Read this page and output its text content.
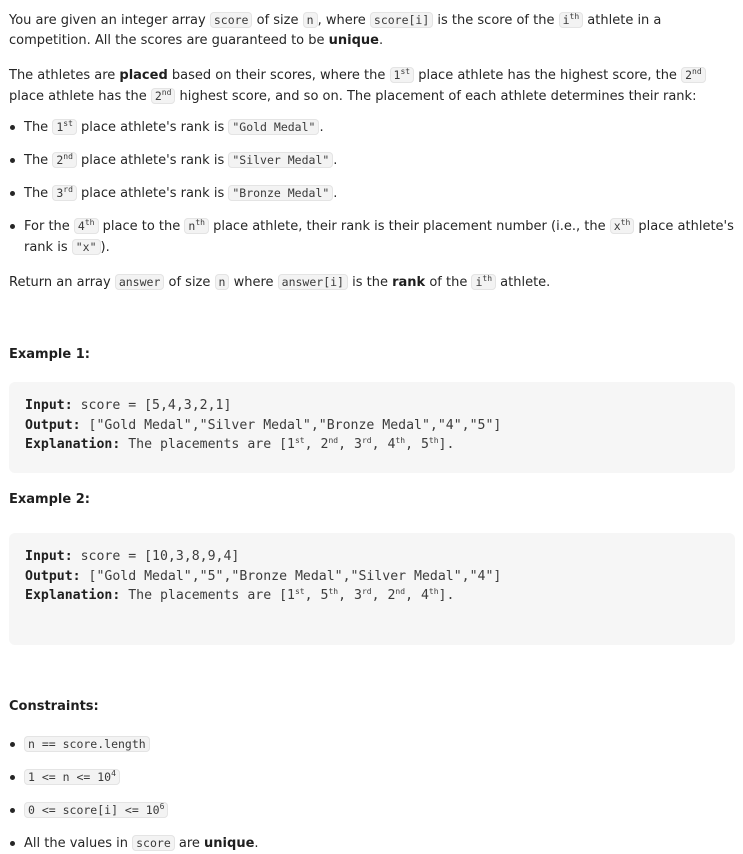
You are given an integer array score of size n , where score[i] is the score of the $i^{th}$ athlete in a competition. All the scores are guaranteed to be unique.

The athletes are placed based on their scores, where the 1st place athlete has the highest score, the 2nd place athlete has the 2nd highest score, and so on. The placement of each athlete determines their rank:

The 1st place athlete's rank is "Gold Medal" .
The 2nd place athlete's rank is "Silver Medal" .
The 3rd place athlete's rank is "Bronze Medal" .
For the 4th place to the $n^{th}$ place athlete, their rank is their placement number (i.e., the $x^{th}$ place athlete's rank is "x" ).

Return an array answer of size n where answer[i] is the rank of the $i^{th}$ athlete.

Example 1:

Input: score = [5,4,3,2,1]
Output: ["Gold Medal","Silver Medal","Bronze Medal","4","5"]
Explanation: The placements are [1st, 2nd, 3rd, 4th, 5th].

Example 2:

Input: score = [10,3,8,9,4]
Output: ["Gold Medal","5","Bronze Medal","Silver Medal","4"]
Explanation: The placements are [1st, 5th, 3rd, 2nd, 4th].

Constraints:

n == score.length
$1 <= n <= 10^4$
0 <= score[i] <= $10^6$
All the values in score are unique.
